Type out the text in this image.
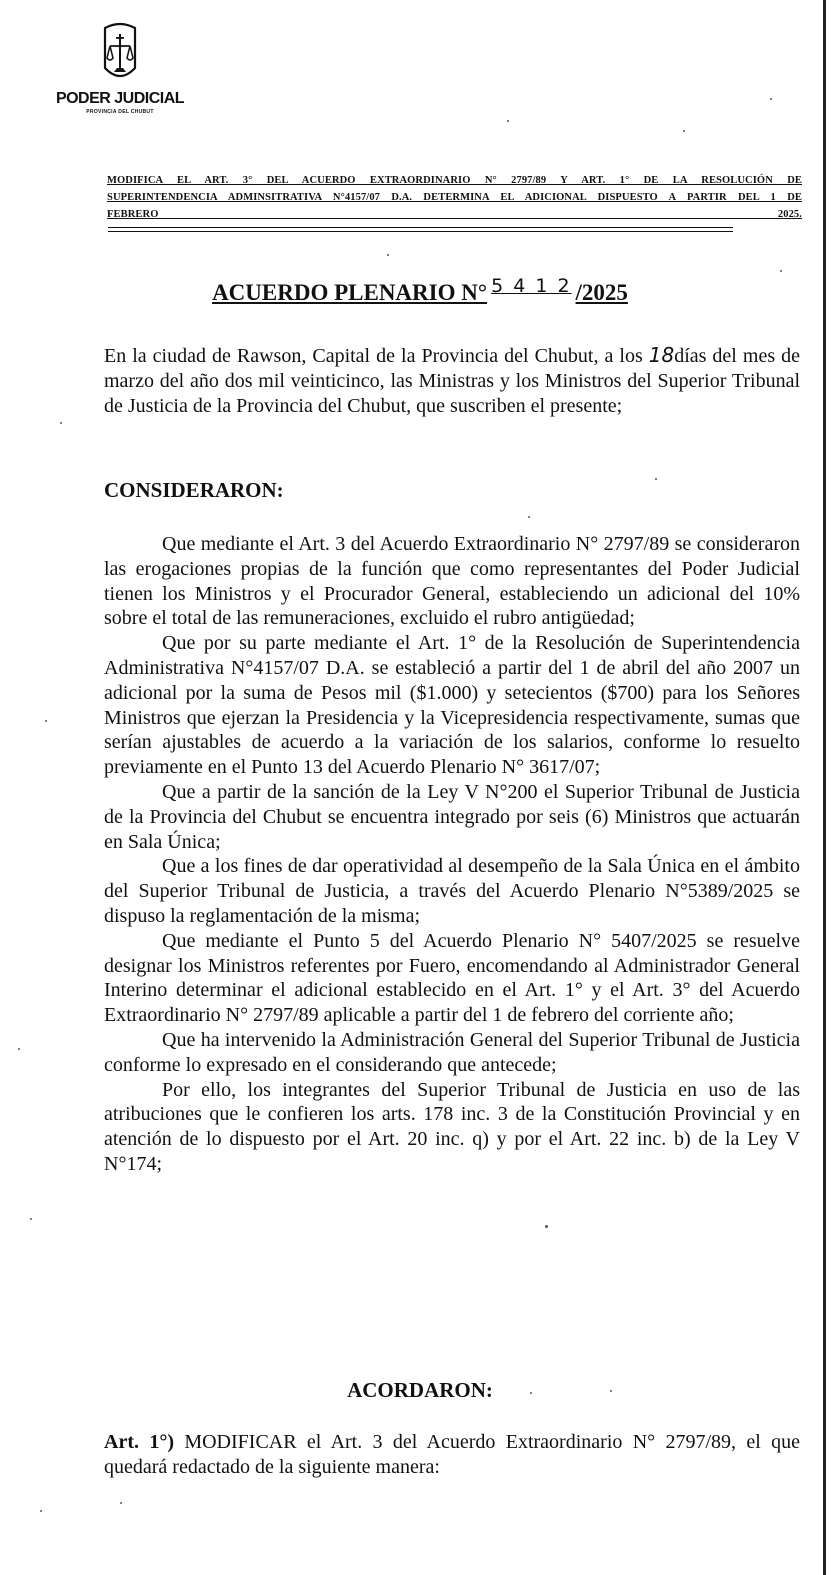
PODER JUDICIAL
PROVINCIA DEL CHUBUT
MODIFICA EL ART. 3° DEL ACUERDO EXTRAORDINARIO N° 2797/89 Y ART. 1° DE LA RESOLUCIÓN DE
SUPERINTENDENCIA ADMINSITRATIVA N°4157/07 D.A. DETERMINA EL ADICIONAL DISPUESTO A PARTIR DEL 1 DE
FEBRERO 2025.
ACUERDO PLENARIO N° 5 4 1 2 /2025
En la ciudad de Rawson, Capital de la Provincia del Chubut, a los 18días del mes de marzo del año dos mil veinticinco, las Ministras y los Ministros del Superior Tribunal de Justicia de la Provincia del Chubut, que suscriben el presente;
CONSIDERARON:

Que mediante el Art. 3 del Acuerdo Extraordinario N° 2797/89 se consideraron las erogaciones propias de la función que como representantes del Poder Judicial tienen los Ministros y el Procurador General, estableciendo un adicional del 10% sobre el total de las remuneraciones, excluido el rubro antigüedad;

Que por su parte mediante el Art. 1° de la Resolución de Superintendencia Administrativa N°4157/07 D.A. se estableció a partir del 1 de abril del año 2007 un adicional por la suma de Pesos mil ($1.000) y setecientos ($700) para los Señores Ministros que ejerzan la Presidencia y la Vicepresidencia respectivamente, sumas que serían ajustables de acuerdo a la variación de los salarios, conforme lo resuelto previamente en el Punto 13 del Acuerdo Plenario N° 3617/07;

Que a partir de la sanción de la Ley V N°200 el Superior Tribunal de Justicia de la Provincia del Chubut se encuentra integrado por seis (6) Ministros que actuarán en Sala Única;

Que a los fines de dar operatividad al desempeño de la Sala Única en el ámbito del Superior Tribunal de Justicia, a través del Acuerdo Plenario N°5389/2025 se dispuso la reglamentación de la misma;

Que mediante el Punto 5 del Acuerdo Plenario N° 5407/2025 se resuelve designar los Ministros referentes por Fuero, encomendando al Administrador General Interino determinar el adicional establecido en el Art. 1° y el Art. 3° del Acuerdo Extraordinario N° 2797/89 aplicable a partir del 1 de febrero del corriente año;

Que ha intervenido la Administración General del Superior Tribunal de Justicia conforme lo expresado en el considerando que antecede;

Por ello, los integrantes del Superior Tribunal de Justicia en uso de las atribuciones que le confieren los arts. 178 inc. 3 de la Constitución Provincial y en atención de lo dispuesto por el Art. 20 inc. q) y por el Art. 22 inc. b) de la Ley V N°174;

ACORDARON:
Art. 1°) MODIFICAR el Art. 3 del Acuerdo Extraordinario N° 2797/89, el que quedará redactado de la siguiente manera:
